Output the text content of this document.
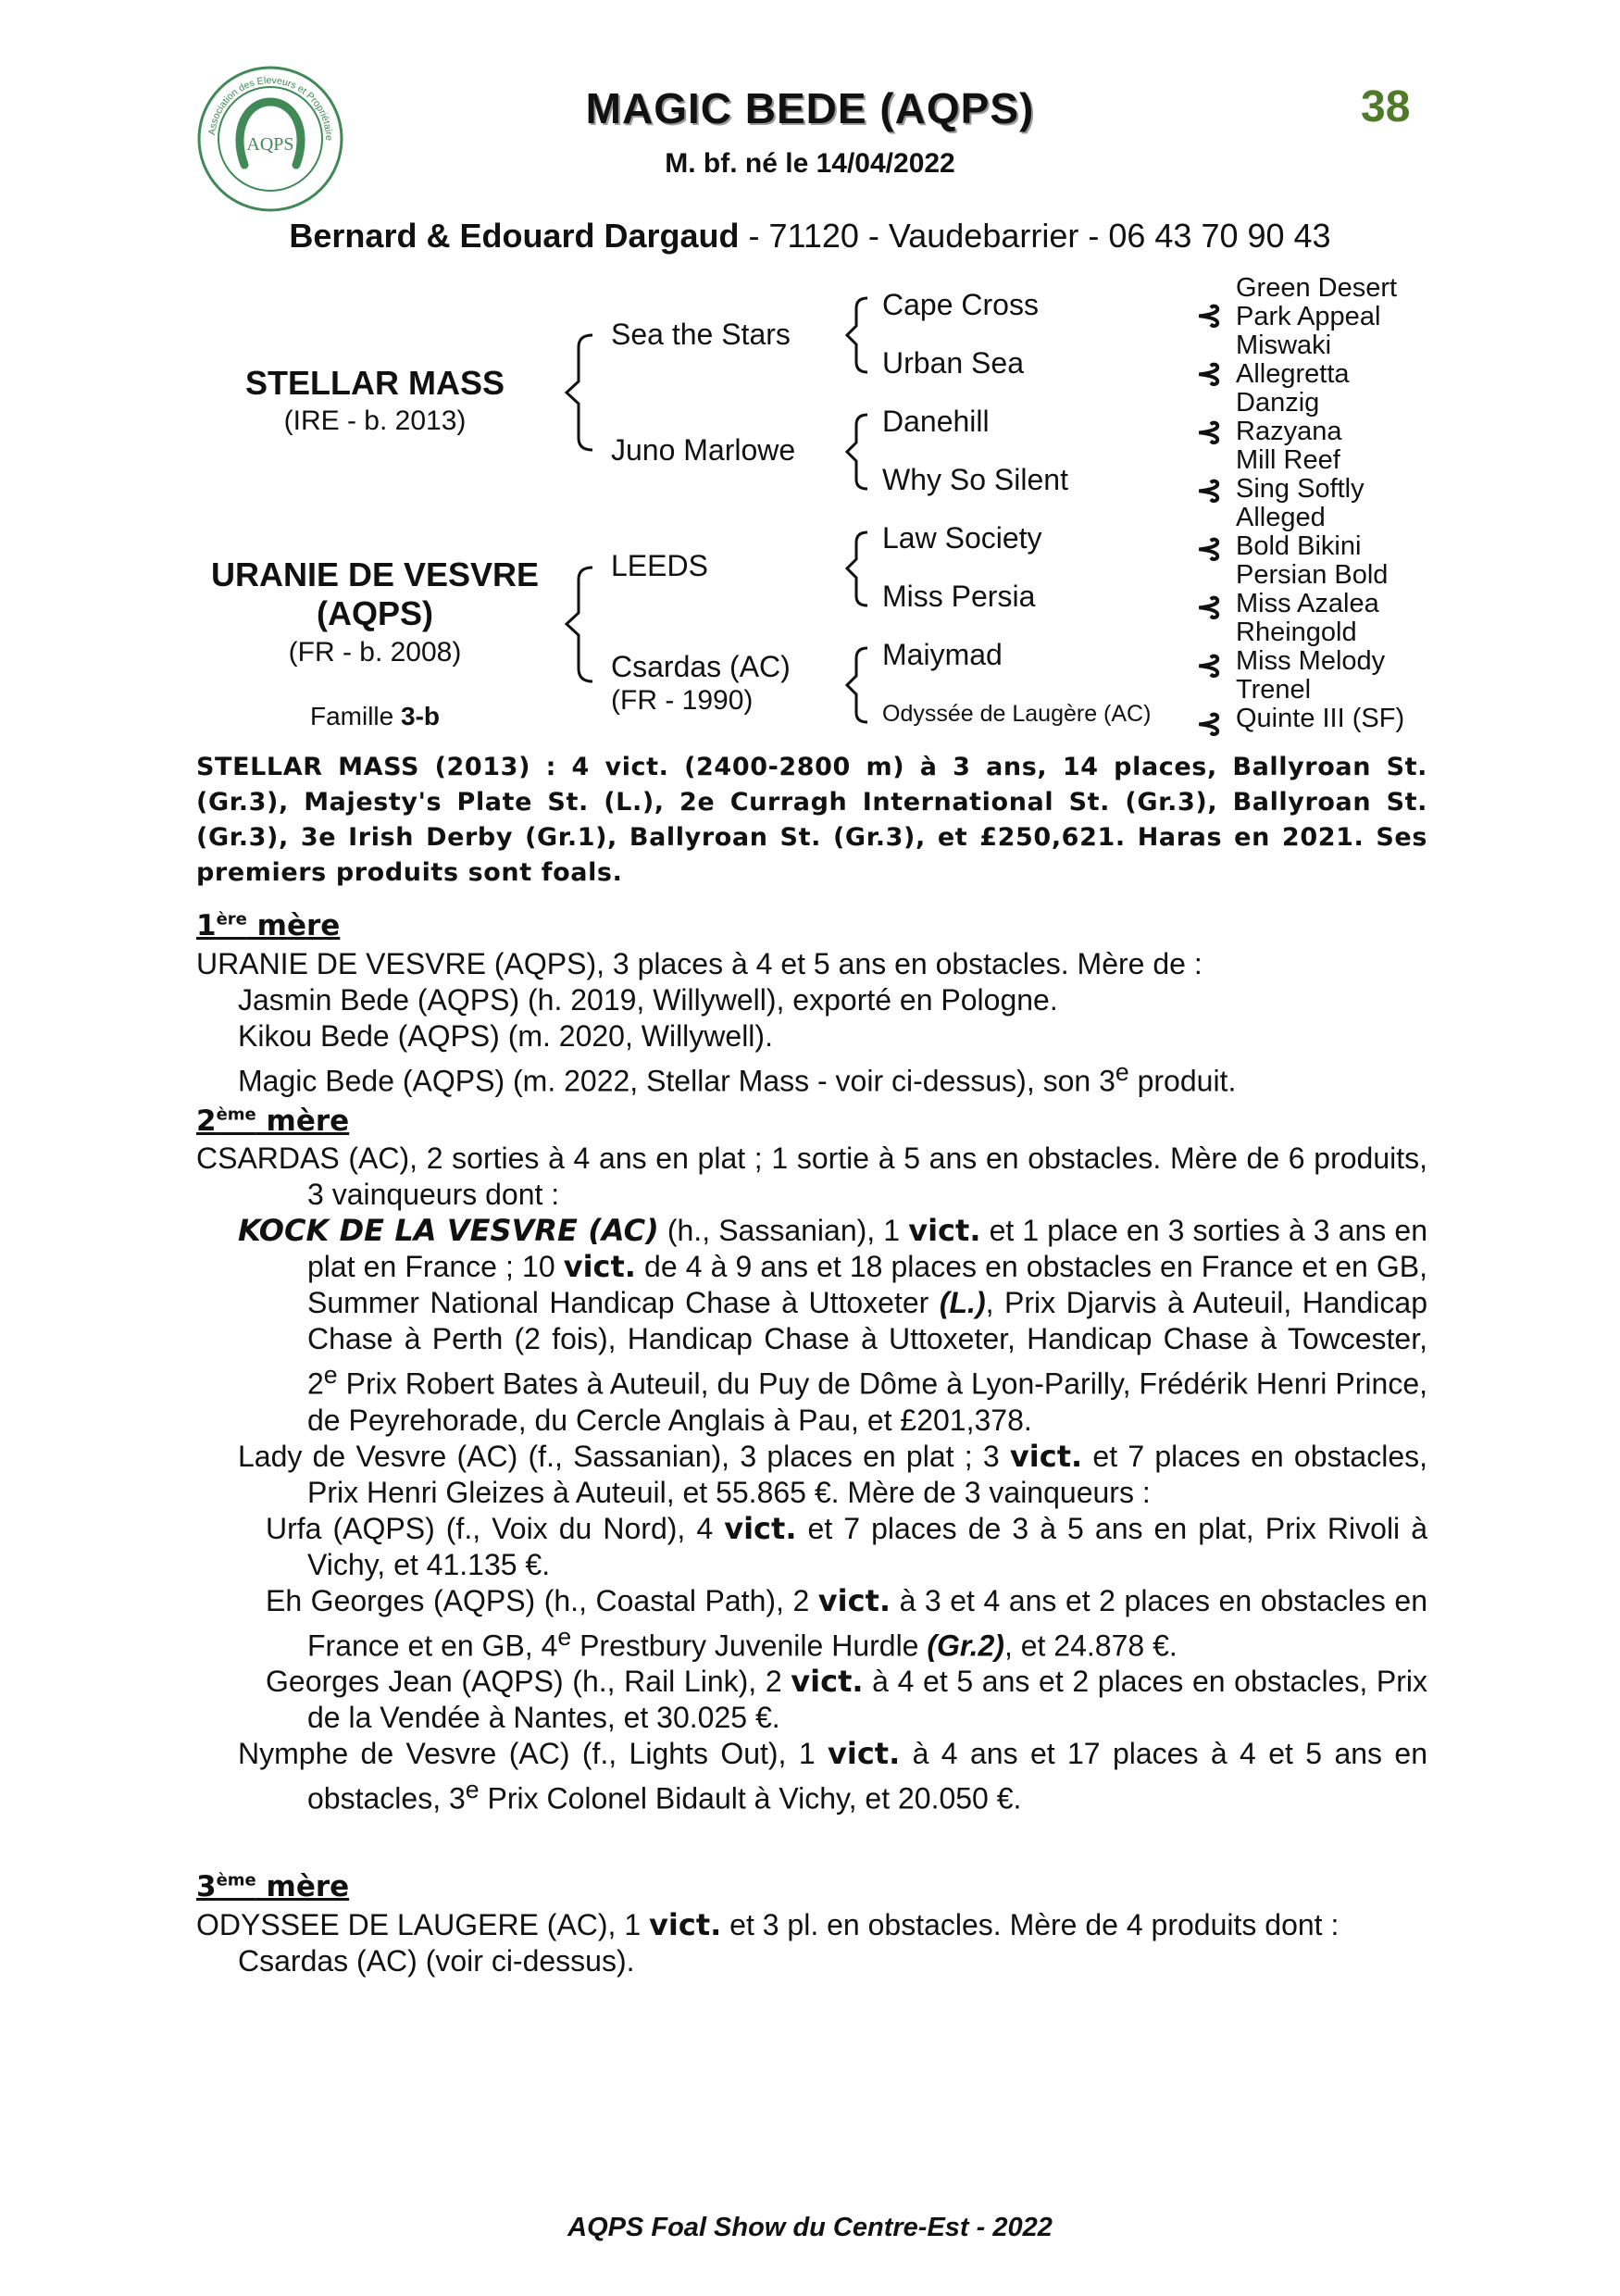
AQPS
Association des Eleveurs et Propriétaire
MAGIC BEDE (AQPS)
M. bf. né le 14/04/2022
38
Bernard & Edouard Dargaud - 71120 - Vaudebarrier - 06 43 70 90 43
STELLAR MASS
(IRE - b. 2013)
URANIE DE VESVRE
(AQPS)
(FR - b. 2008)
Famille 3-b
Sea the Stars
Juno Marlowe
LEEDS
Csardas (AC)
(FR - 1990)
Cape Cross
Urban Sea
Danehill
Why So Silent
Law Society
Miss Persia
Maiymad
Odyssée de Laugère (AC)
⊰
⊰
⊰
⊰
⊰
⊰
⊰
⊰
Green Desert
Park Appeal
Miswaki
Allegretta
Danzig
Razyana
Mill Reef
Sing Softly
Alleged
Bold Bikini
Persian Bold
Miss Azalea
Rheingold
Miss Melody
Trenel
Quinte III (SF)
STELLAR MASS (2013) : 4 vict. (2400-2800 m) à 3 ans, 14 places, Ballyroan St. (Gr.3), Majesty's Plate St. (L.), 2e Curragh International St. (Gr.3), Ballyroan St. (Gr.3), 3e Irish Derby (Gr.1), Ballyroan St. (Gr.3), et £250,621. Haras en 2021. Ses premiers produits sont foals.
1ère mère

URANIE DE VESVRE (AQPS), 3 places à 4 et 5 ans en obstacles. Mère de :

Jasmin Bede (AQPS) (h. 2019, Willywell), exporté en Pologne.

Kikou Bede (AQPS) (m. 2020, Willywell).

Magic Bede (AQPS) (m. 2022, Stellar Mass - voir ci-dessus), son 3e produit.

2ème mère

CSARDAS (AC), 2 sorties à 4 ans en plat ; 1 sortie à 5 ans en obstacles. Mère de 6 produits, 3 vainqueurs dont :

KOCK DE LA VESVRE (AC) (h., Sassanian), 1 vict. et 1 place en 3 sorties à 3 ans en plat en France ; 10 vict. de 4 à 9 ans et 18 places en obstacles en France et en GB, Summer National Handicap Chase à Uttoxeter (L.), Prix Djarvis à Auteuil, Handicap Chase à Perth (2 fois), Handicap Chase à Uttoxeter, Handicap Chase à Towcester, 2e Prix Robert Bates à Auteuil, du Puy de Dôme à Lyon-Parilly, Frédérik Henri Prince, de Peyrehorade, du Cercle Anglais à Pau, et £201,378.

Lady de Vesvre (AC) (f., Sassanian), 3 places en plat ; 3 vict. et 7 places en obstacles, Prix Henri Gleizes à Auteuil, et 55.865 €. Mère de 3 vainqueurs :

Urfa (AQPS) (f., Voix du Nord), 4 vict. et 7 places de 3 à 5 ans en plat, Prix Rivoli à Vichy, et 41.135 €.

Eh Georges (AQPS) (h., Coastal Path), 2 vict. à 3 et 4 ans et 2 places en obstacles en France et en GB, 4e Prestbury Juvenile Hurdle (Gr.2), et 24.878 €.

Georges Jean (AQPS) (h., Rail Link), 2 vict. à 4 et 5 ans et 2 places en obstacles, Prix de la Vendée à Nantes, et 30.025 €.

Nymphe de Vesvre (AC) (f., Lights Out), 1 vict. à 4 ans et 17 places à 4 et 5 ans en obstacles, 3e Prix Colonel Bidault à Vichy, et 20.050 €.

3ème mère

ODYSSEE DE LAUGERE (AC), 1 vict. et 3 pl. en obstacles. Mère de 4 produits dont :

Csardas (AC) (voir ci-dessus).

AQPS Foal Show du Centre-Est - 2022
